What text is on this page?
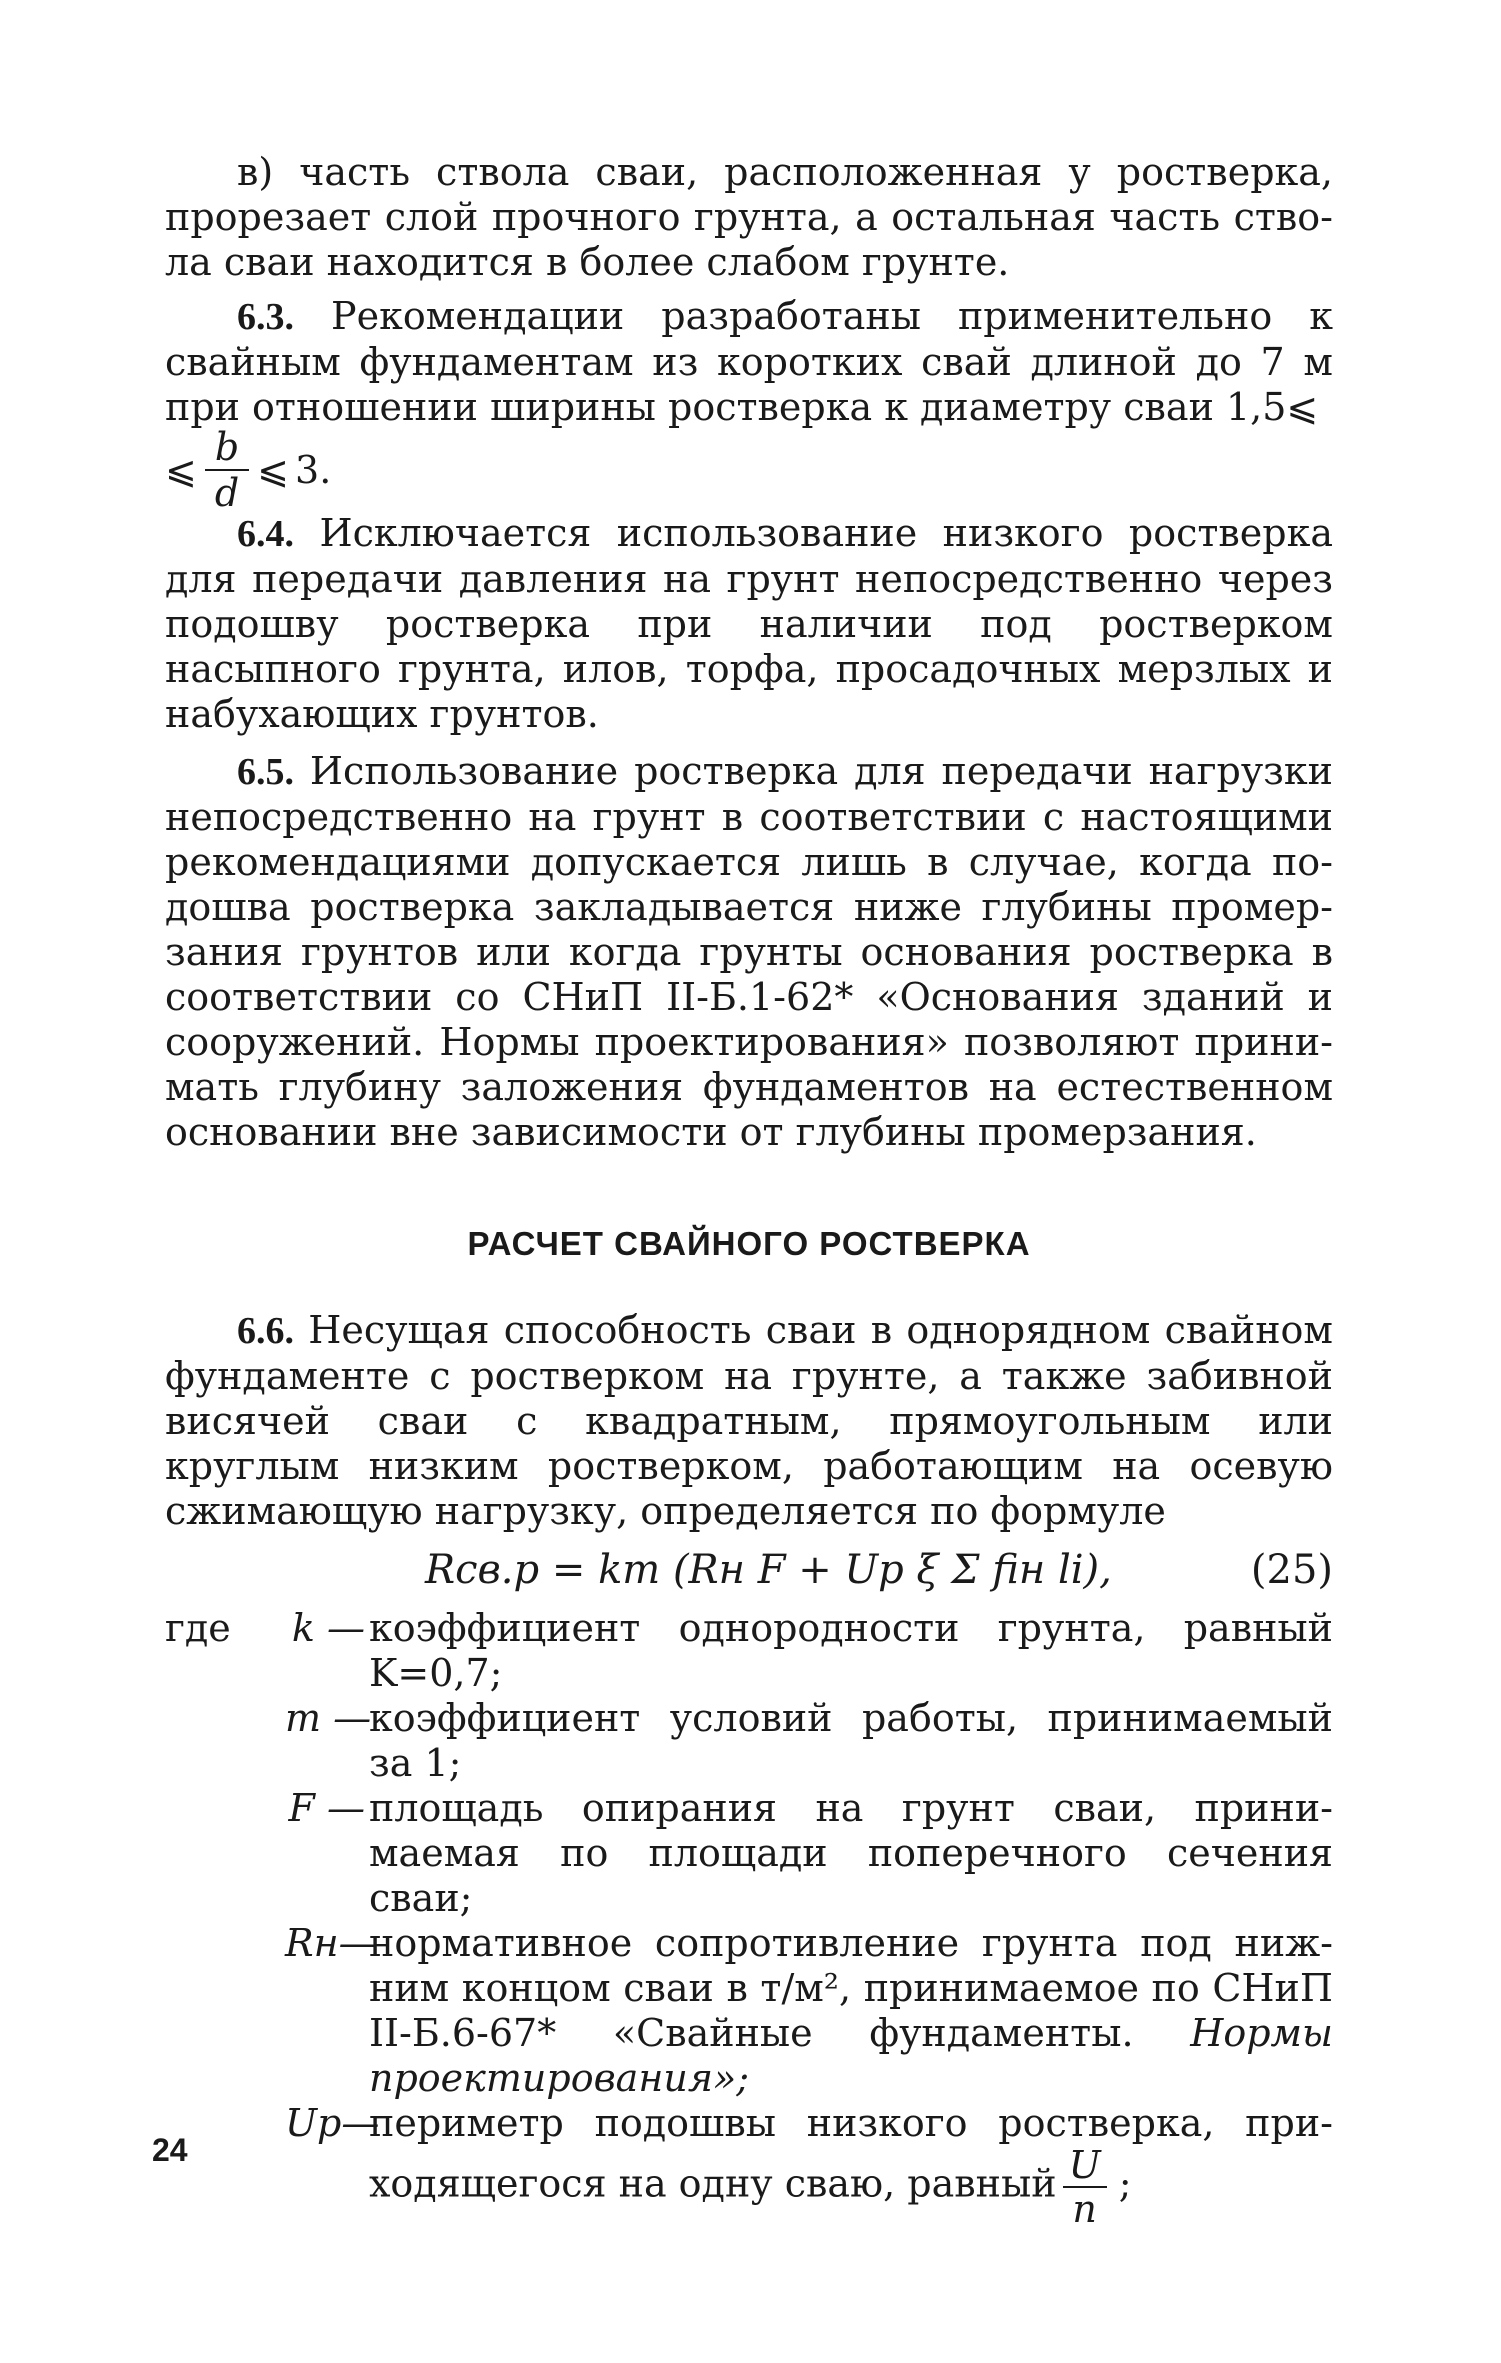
в) часть ствола сваи, расположенная у ростверка, прорезает слой прочного грунта, а остальная часть ствола сваи находится в более слабом грунте.

6.3. Рекомендации разработаны применительно к свайным фундаментам из коротких свай длиной до 7 м при отношении ширины ростверка к диаметру сваи 1,5⩽

⩽ $\frac{b}{d}$ ⩽ 3.

6.4. Исключается использование низкого ростверка для передачи давления на грунт непосредственно через подошву ростверка при наличии под ростверком насыпного грунта, илов, торфа, просадочных мерзлых и набухающих грунтов.

6.5. Использование ростверка для передачи нагрузки непосредственно на грунт в соответствии с настоящими рекомендациями допускается лишь в случае, когда подошва ростверка закладывается ниже глубины промерзания грунтов или когда грунты основания ростверка в соответствии со СНиП II-Б.1-62* «Основания зданий и сооружений. Нормы проектирования» позволяют принимать глубину заложения фундаментов на естественном основании вне зависимости от глубины промерзания.

РАСЧЕТ СВАЙНОГО РОСТВЕРКА

6.6. Несущая способность сваи в однорядном свайном фундаменте с ростверком на грунте, а также забивной висячей сваи с квадратным, прямоугольным или круглым низким ростверком, работающим на осевую сжимающую нагрузку, определяется по формуле

Rсв.р = km (Rн F + Uр ξ Σ fiн li),	(25)
где	k — коэффициент однородности грунта, равный K=0,7;
m —
коэффициент условий работы, принимаемый за 1;
F — площадь опирания на грунт сваи, принимаемая по площади поперечного сечения сваи;
Rн—
нормативное сопротивление грунта под нижним концом сваи в т/м², принимаемое по СНиП II-Б.6-67* «Свайные фундаменты. Нормы проектирования»;
Uр—
периметр подошвы низкого ростверка, приходящегося на одну сваю, равный $\frac{U}{n}$ ;
24
